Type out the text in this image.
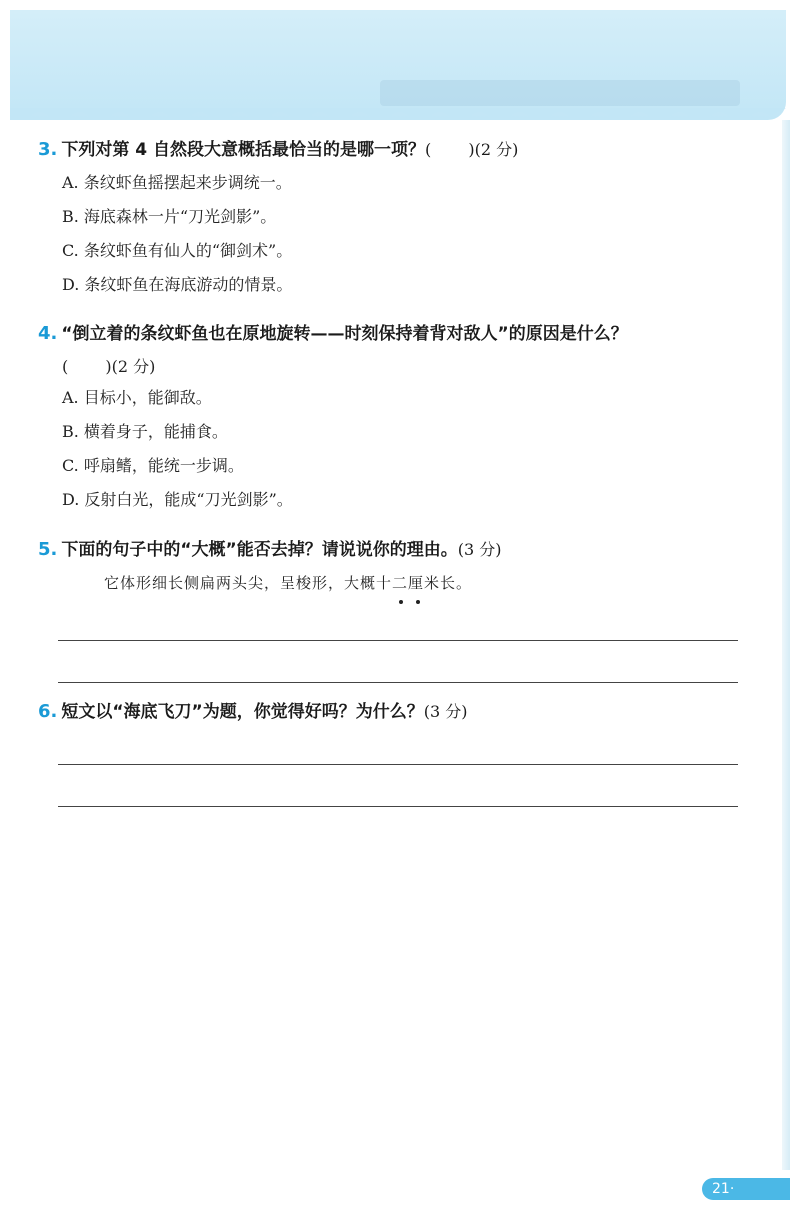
3. 下列对第 4 自然段大意概括最恰当的是哪一项？(　　 )(2 分)
A. 条纹虾鱼摇摆起来步调统一。
B. 海底森林一片“刀光剑影”。
C. 条纹虾鱼有仙人的“御剑术”。
D. 条纹虾鱼在海底游动的情景。
4. “倒立着的条纹虾鱼也在原地旋转——时刻保持着背对敌人”的原因是什么？
(　　 )(2 分)
A. 目标小，能御敌。
B. 横着身子，能捕食。
C. 呼扇鳍，能统一步调。
D. 反射白光，能成“刀光剑影”。
5. 下面的句子中的“大概”能否去掉？请说说你的理由。(3 分)
它体形细长侧扁两头尖，呈梭形，大概十二厘米长。
6. 短文以“海底飞刀”为题，你觉得好吗？为什么？(3 分)
21·
